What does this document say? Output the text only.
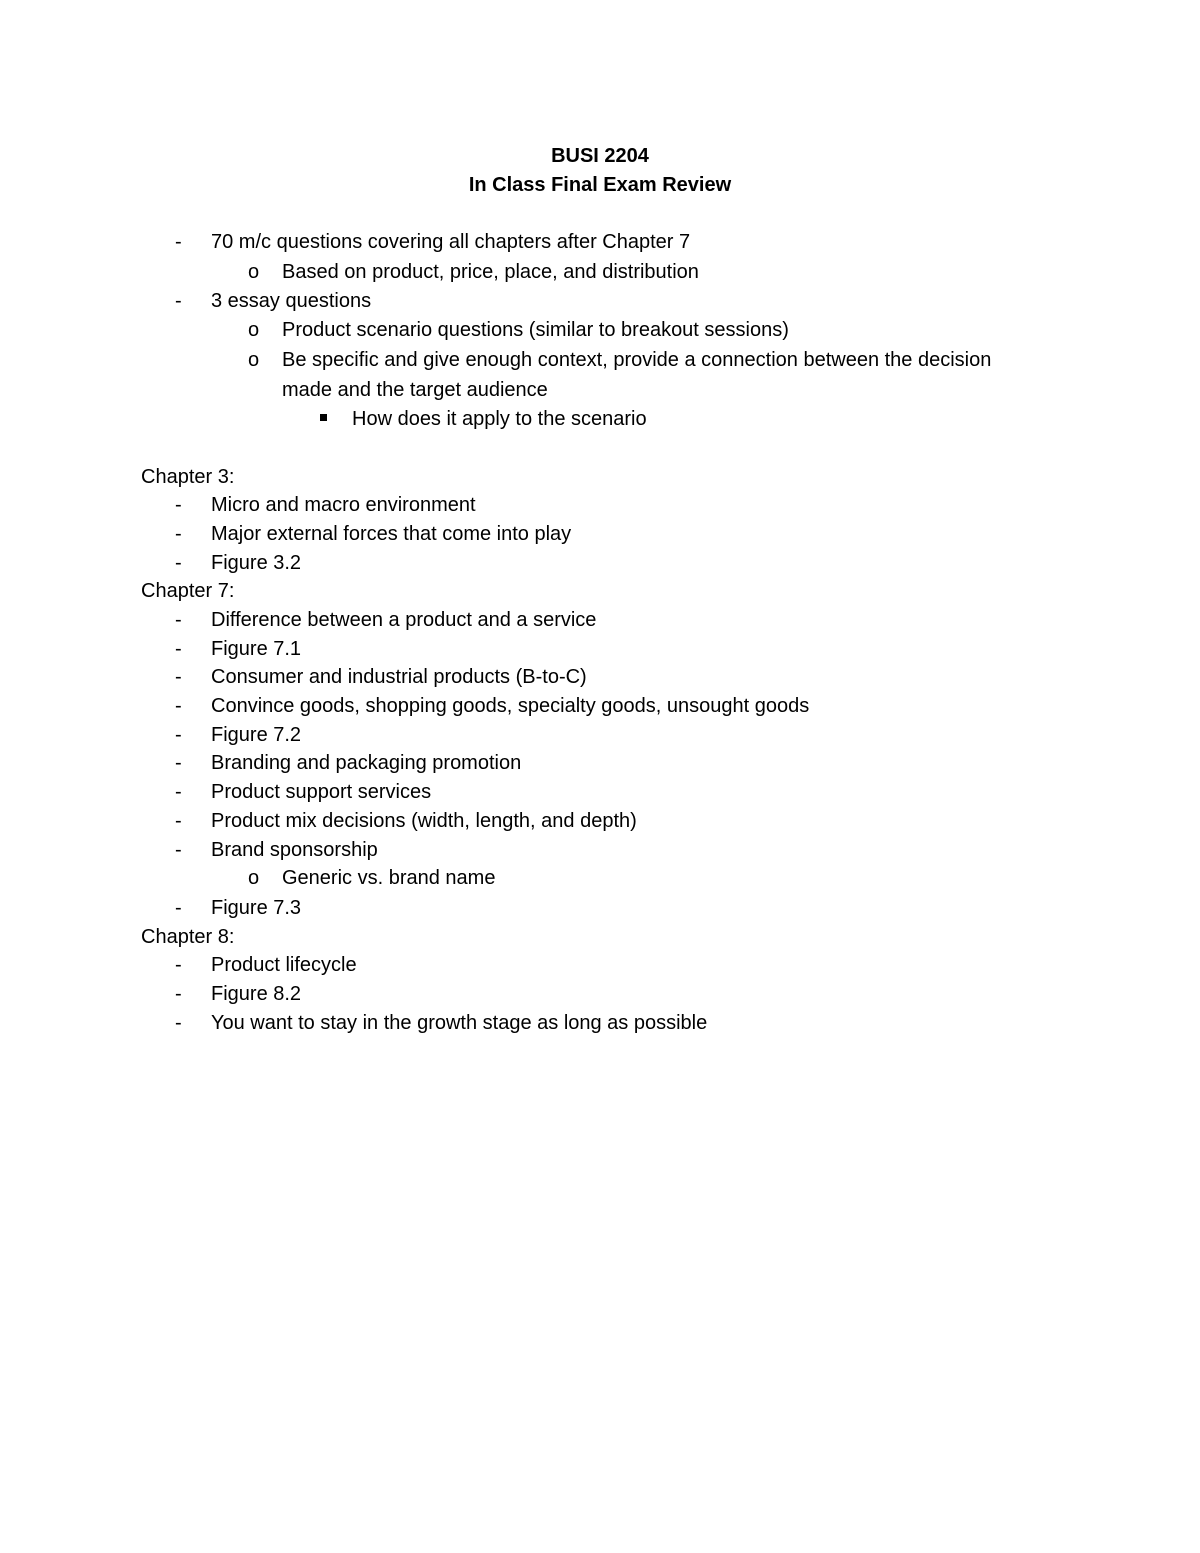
BUSI 2204
In Class Final Exam Review
- 70 m/c questions covering all chapters after Chapter 7
o Based on product, price, place, and distribution
- 3 essay questions
o Product scenario questions (similar to breakout sessions)
o Be specific and give enough context, provide a connection between the decision
made and the target audience
How does it apply to the scenario
Chapter 3:
- Micro and macro environment
- Major external forces that come into play
- Figure 3.2
Chapter 7:
- Difference between a product and a service
- Figure 7.1
- Consumer and industrial products (B-to-C)
- Convince goods, shopping goods, specialty goods, unsought goods
- Figure 7.2
- Branding and packaging promotion
- Product support services
- Product mix decisions (width, length, and depth)
- Brand sponsorship
o Generic vs. brand name
- Figure 7.3
Chapter 8:
- Product lifecycle
- Figure 8.2
- You want to stay in the growth stage as long as possible
